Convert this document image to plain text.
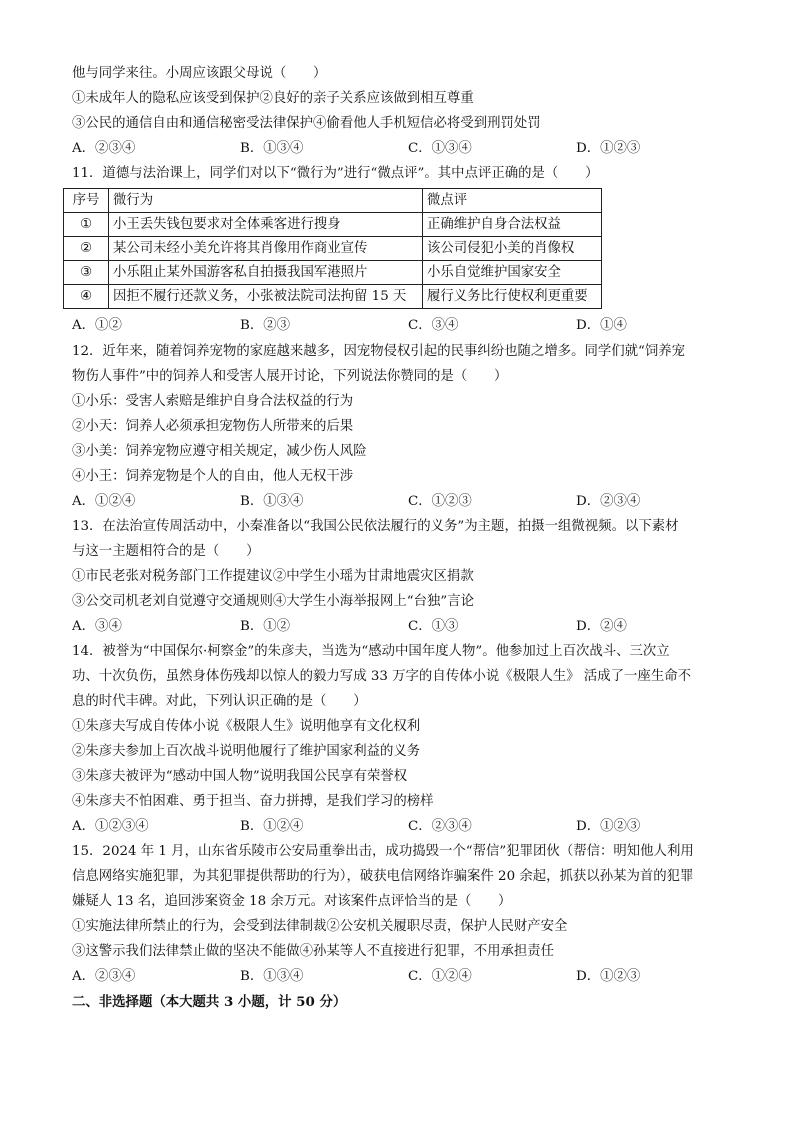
他与同学来往。小周应该跟父母说（　　）
①未成年人的隐私应该受到保护②良好的亲子关系应该做到相互尊重
③公民的通信自由和通信秘密受法律保护④偷看他人手机短信必将受到刑罚处罚
A．②③④	B．①③④	C．①③④	D．①②③
11．道德与法治课上，同学们对以下“微行为”进行“微点评”。其中点评正确的是（　　）
序号	微行为	微点评
①	小王丢失钱包要求对全体乘客进行搜身	正确维护自身合法权益
②	某公司未经小美允许将其肖像用作商业宣传	该公司侵犯小美的肖像权
③	小乐阻止某外国游客私自拍摄我国军港照片	小乐自觉维护国家安全
④	因拒不履行还款义务，小张被法院司法拘留 15 天	履行义务比行使权利更重要
A．①②	B．②③	C．③④	D．①④
12．近年来，随着饲养宠物的家庭越来越多，因宠物侵权引起的民事纠纷也随之增多。同学们就“饲养宠
物伤人事件”中的饲养人和受害人展开讨论，下列说法你赞同的是（　　）
①小乐：受害人索赔是维护自身合法权益的行为
②小天：饲养人必须承担宠物伤人所带来的后果
③小美：饲养宠物应遵守相关规定，减少伤人风险
④小王：饲养宠物是个人的自由，他人无权干涉
A．①②④	B．①③④	C．①②③	D．②③④
13．在法治宣传周活动中，小秦准备以“我国公民依法履行的义务”为主题，拍摄一组微视频。以下素材
与这一主题相符合的是（　　）
①市民老张对税务部门工作提建议②中学生小瑶为甘肃地震灾区捐款
③公交司机老刘自觉遵守交通规则④大学生小海举报网上“台独”言论
A．③④	B．①②	C．①③	D．②④
14．被誉为“中国保尔·柯察金”的朱彦夫，当选为“感动中国年度人物”。他参加过上百次战斗、三次立
功、十次负伤，虽然身体伤残却以惊人的毅力写成 33 万字的自传体小说《极限人生》 活成了一座生命不
息的时代丰碑。对此，下列认识正确的是（　　）
①朱彦夫写成自传体小说《极限人生》说明他享有文化权利
②朱彦夫参加上百次战斗说明他履行了维护国家利益的义务
③朱彦夫被评为“感动中国人物”说明我国公民享有荣誉权
④朱彦夫不怕困难、勇于担当、奋力拼搏，是我们学习的榜样
A．①②③④	B．①②④	C．②③④	D．①②③
15．2024 年 1 月，山东省乐陵市公安局重拳出击，成功捣毁一个“帮信”犯罪团伙（帮信：明知他人利用
信息网络实施犯罪，为其犯罪提供帮助的行为），破获电信网络诈骗案件 20 余起，抓获以孙某为首的犯罪
嫌疑人 13 名，追回涉案资金 18 余万元。对该案件点评恰当的是（　　）
①实施法律所禁止的行为，会受到法律制裁②公安机关履职尽责，保护人民财产安全
③这警示我们法律禁止做的坚决不能做④孙某等人不直接进行犯罪，不用承担责任
A．②③④	B．①③④	C．①②④	D．①②③
二、非选择题（本大题共 3 小题，计 50 分）
